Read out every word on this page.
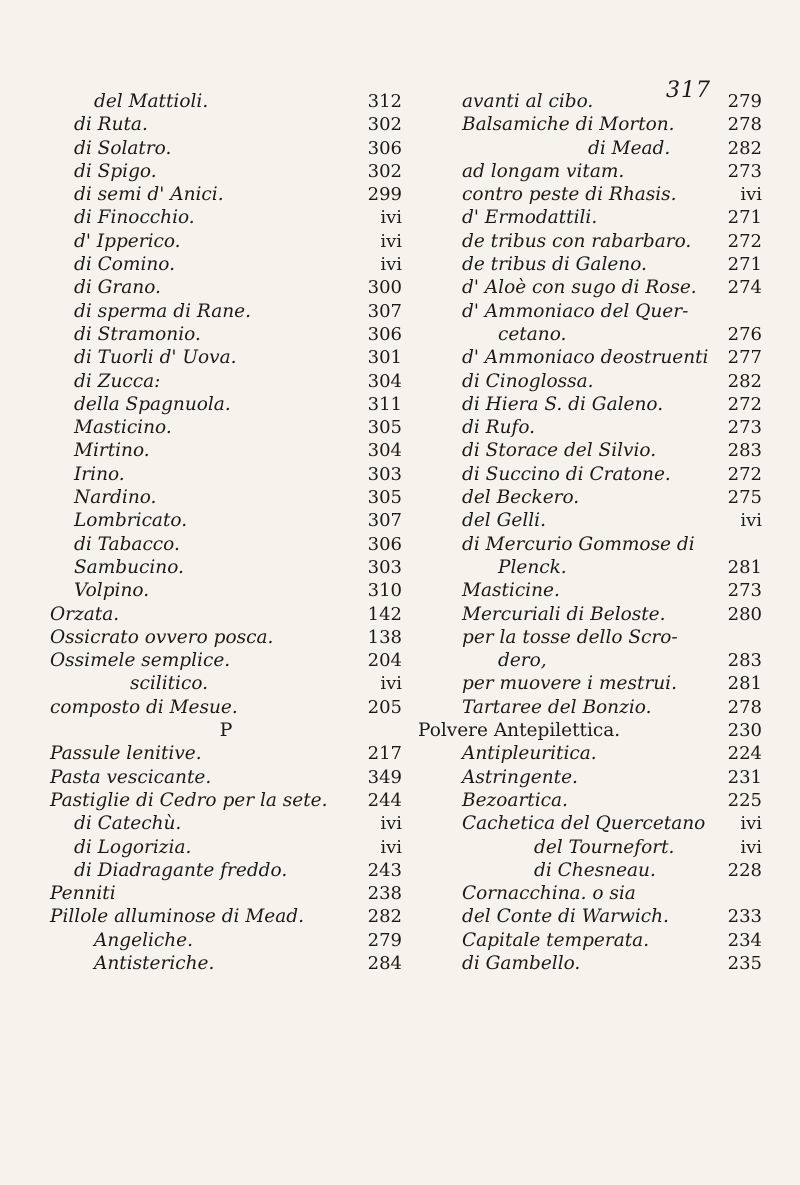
317
del Mattioli.	312
di Ruta.	302
di Solatro.	306
di Spigo.	302
di semi d' Anici.	299
di Finocchio.	ivi
d' Ipperico.	ivi
di Comino.	ivi
di Grano.	300
di sperma di Rane.	307
di Stramonio.	306
di Tuorli d' Uova.	301
di Zucca:	304
della Spagnuola.	311
Masticino.	305
Mirtino.	304
Irino.	303
Nardino.	305
Lombricato.	307
di Tabacco.	306
Sambucino.	303
Volpino.	310
Orzata.	142
Ossicrato ovvero posca.	138
Ossimele semplice.	204
scilitico.	ivi
composto di Mesue.	205
P
Passule lenitive.	217
Pasta vescicante.	349
Pastiglie di Cedro per la sete. 244
di Catechù.	ivi
di Logorizia.	ivi
di Diadragante freddo.	243
Penniti	238
Pillole alluminose di Mead.	282
Angeliche.	279
Antisteriche.	284
avanti al cibo.	279
Balsamiche di Morton.	278
di Mead.	282
ad longam vitam.	273
contro peste di Rhasis.	ivi
d' Ermodattili.	271
de tribus con rabarbaro. 272
de tribus di Galeno.	271
d' Aloè con sugo di Rose. 274
d' Ammoniaco del Quer-
cetano.	276
d' Ammoniaco deostruenti 277
di Cinoglossa.	282
di Hiera S. di Galeno.	272
di Rufo.	273
di Storace del Silvio.	283
di Succino di Cratone.	272
del Beckero.	275
del Gelli.	ivi
di Mercurio Gommose di
Plenck.	281
Masticine.	273
Mercuriali di Beloste.	280
per la tosse dello Scro-
dero,	283
per muovere i mestrui.	281
Tartaree del Bonzio.	278
Polvere Antepilettica.	230
Antipleuritica.	224
Astringente.	231
Bezoartica.	225
Cachetica del Quercetano ivi
del Tournefort.	ivi
di Chesneau.	228
Cornacchina. o sia
del Conte di Warwich.	233
Capitale temperata.	234
di Gambello.	235
